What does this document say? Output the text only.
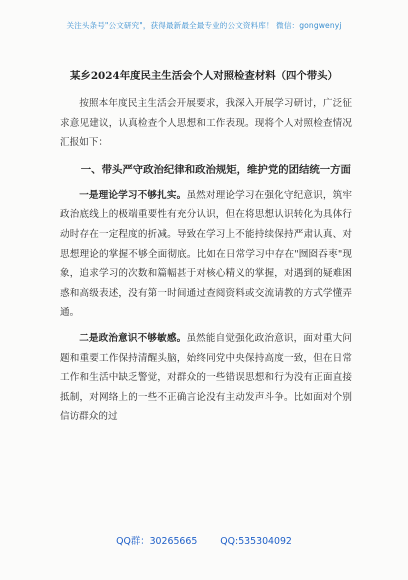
关注头条号"公文研究"，获得最新最全最专业的公文资料库！ 微信：gongwenyj
某乡2024年度民主生活会个人对照检查材料（四个带头）

按照本年度民主生活会开展要求，我深入开展学习研讨，广泛征求意见建议，认真检查个人思想和工作表现。现将个人对照检查情况汇报如下：

一、带头严守政治纪律和政治规矩，维护党的团结统一方面

一是理论学习不够扎实。虽然对理论学习在强化守纪意识，筑牢政治底线上的极端重要性有充分认识，但在将思想认识转化为具体行动时存在一定程度的折减。导致在学习上不能持续保持严肃认真、对思想理论的掌握不够全面彻底。比如在日常学习中存在"囫囵吞枣"现象，追求学习的次数和篇幅甚于对核心精义的掌握，对遇到的疑难困惑和高级表述，没有第一时间通过查阅资料或交流请教的方式学懂弄通。

二是政治意识不够敏感。虽然能自觉强化政治意识，面对重大问题和重要工作保持清醒头脑，始终同党中央保持高度一致，但在日常工作和生活中缺乏警觉，对群众的一些错误思想和行为没有正面直接抵制，对网络上的一些不正确言论没有主动发声斗争。比如面对个别信访群众的过

QQ群：30265665 QQ:535304092
